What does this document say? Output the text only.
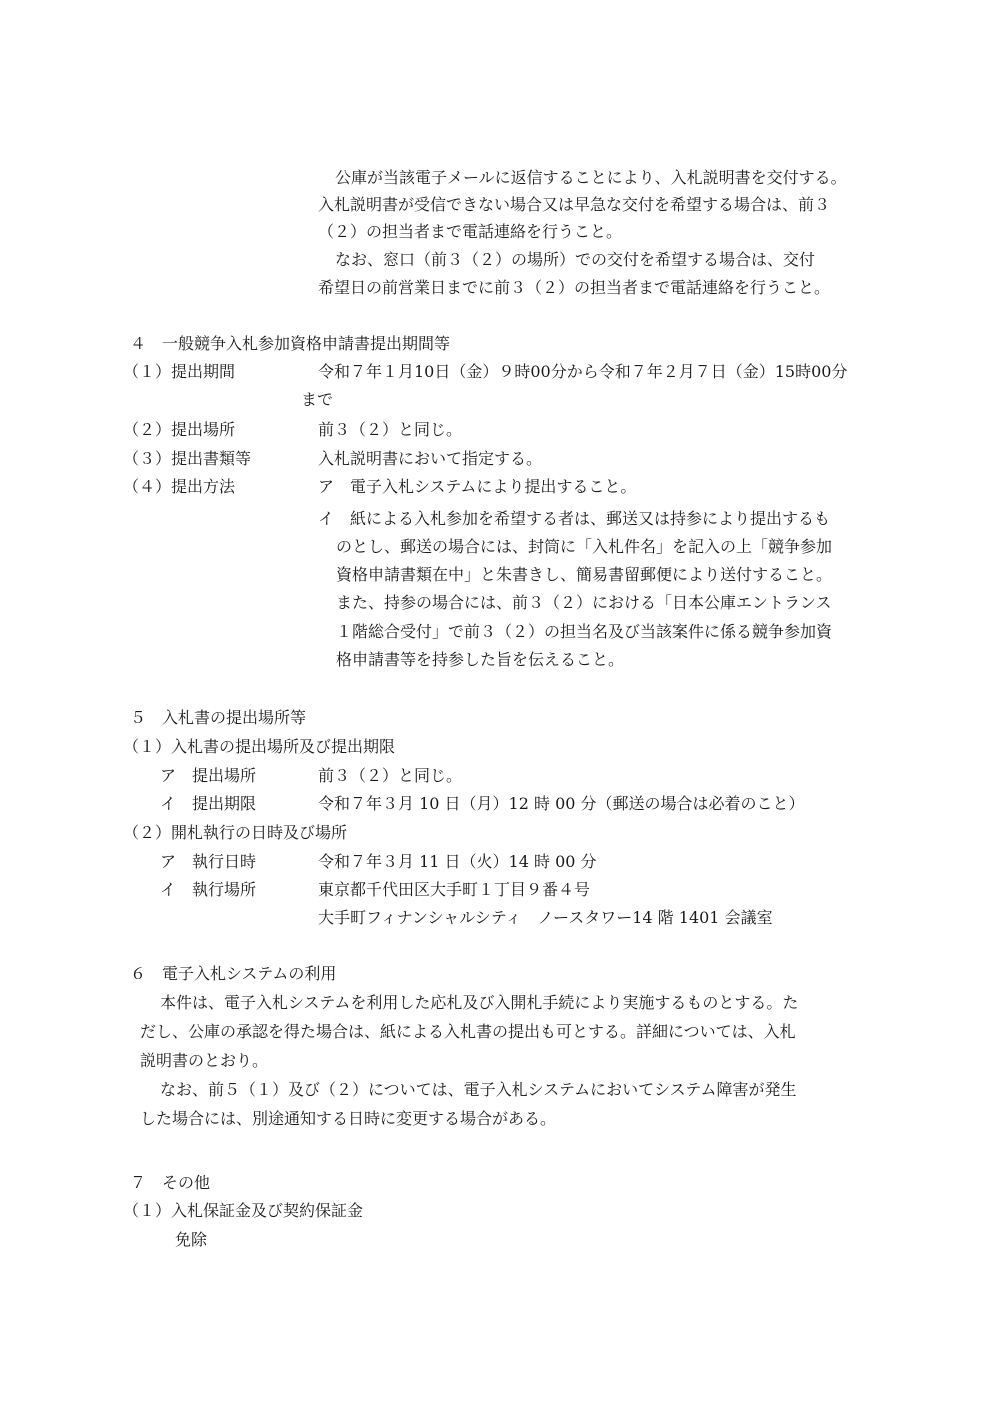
公庫が当該電子メールに返信することにより、入札説明書を交付する。
入札説明書が受信できない場合又は早急な交付を希望する場合は、前３
（２）の担当者まで電話連絡を行うこと。
なお、窓口（前３（２）の場所）での交付を希望する場合は、交付
希望日の前営業日までに前３（２）の担当者まで電話連絡を行うこと。
４　一般競争入札参加資格申請書提出期間等
（１）提出期間	令和７年１月10日（金）９時00分から令和７年２月７日（金）15時00分
まで
（２）提出場所	前３（２）と同じ。
（３）提出書類等	入札説明書において指定する。
（４）提出方法	ア　電子入札システムにより提出すること。
イ　紙による入札参加を希望する者は、郵送又は持参により提出するも
のとし、郵送の場合には、封筒に「入札件名」を記入の上「競争参加
資格申請書類在中」と朱書きし、簡易書留郵便により送付すること。
また、持参の場合には、前３（２）における「日本公庫エントランス
１階総合受付」で前３（２）の担当名及び当該案件に係る競争参加資
格申請書等を持参した旨を伝えること。
５　入札書の提出場所等
（１）入札書の提出場所及び提出期限
ア　提出場所	前３（２）と同じ。
イ　提出期限	令和７年３月 10 日（月）12 時 00 分（郵送の場合は必着のこと）
（２）開札執行の日時及び場所
ア　執行日時	令和７年３月 11 日（火）14 時 00 分
イ　執行場所	東京都千代田区大手町１丁目９番４号
大手町フィナンシャルシティ　ノースタワー14 階 1401 会議室
６　電子入札システムの利用
本件は、電子入札システムを利用した応札及び入開札手続により実施するものとする。た
だし、公庫の承認を得た場合は、紙による入札書の提出も可とする。詳細については、入札
説明書のとおり。
なお、前５（１）及び（２）については、電子入札システムにおいてシステム障害が発生
した場合には、別途通知する日時に変更する場合がある。
７　その他
（１）入札保証金及び契約保証金
免除
